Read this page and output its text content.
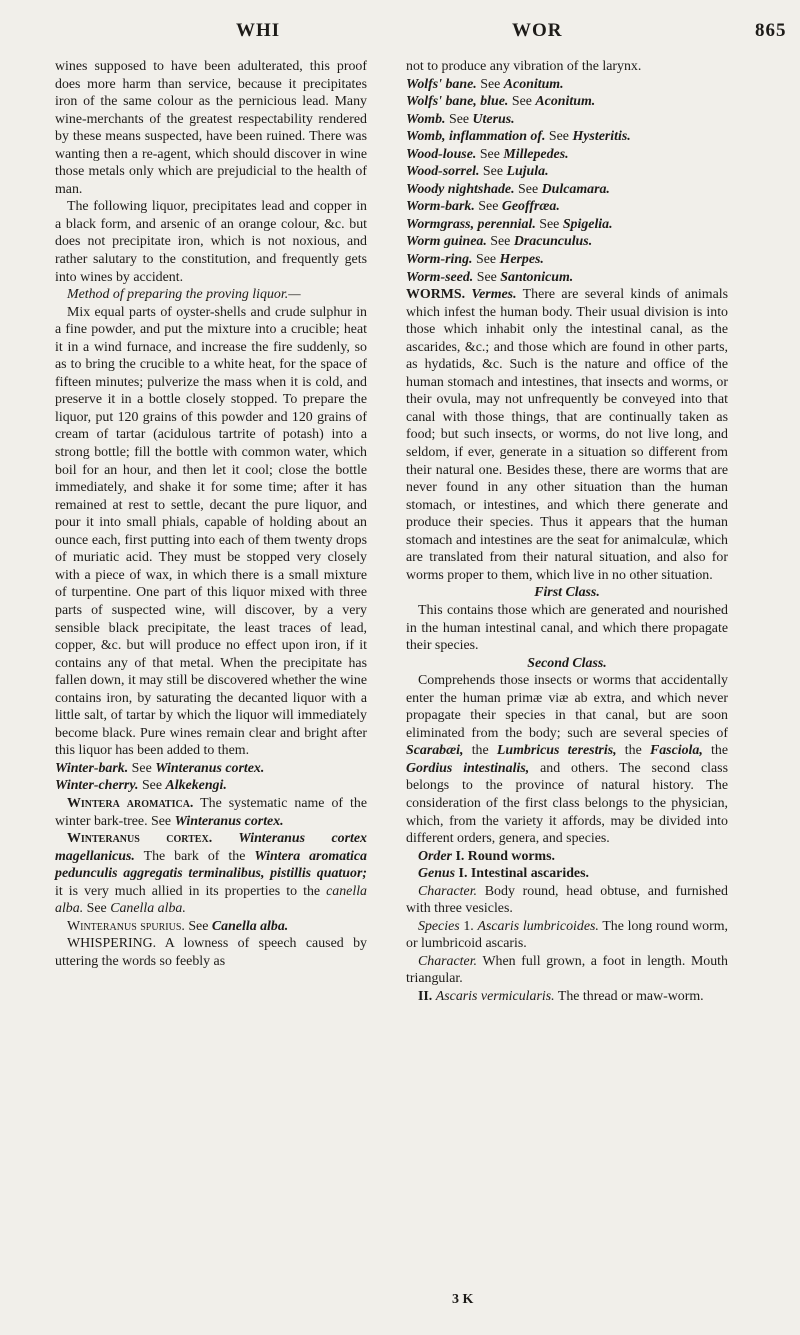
WHI	WOR	865

wines supposed to have been adulterated, this proof does more harm than service, because it precipitates iron of the same colour as the pernicious lead. Many wine-merchants of the greatest respectability rendered by these means suspected, have been ruined. There was wanting then a re-agent, which should discover in wine those metals only which are prejudicial to the health of man.

The following liquor, precipitates lead and copper in a black form, and arsenic of an orange colour, &c. but does not precipitate iron, which is not noxious, and rather salutary to the constitution, and frequently gets into wines by accident.

Method of preparing the proving liquor.—

Mix equal parts of oyster-shells and crude sulphur in a fine powder, and put the mixture into a crucible; heat it in a wind furnace, and increase the fire suddenly, so as to bring the crucible to a white heat, for the space of fifteen minutes; pulverize the mass when it is cold, and preserve it in a bottle closely stopped. To prepare the liquor, put 120 grains of this powder and 120 grains of cream of tartar (acidulous tartrite of potash) into a strong bottle; fill the bottle with common water, which boil for an hour, and then let it cool; close the bottle immediately, and shake it for some time; after it has remained at rest to settle, decant the pure liquor, and pour it into small phials, capable of holding about an ounce each, first putting into each of them twenty drops of muriatic acid. They must be stopped very closely with a piece of wax, in which there is a small mixture of turpentine. One part of this liquor mixed with three parts of suspected wine, will discover, by a very sensible black precipitate, the least traces of lead, copper, &c. but will produce no effect upon iron, if it contains any of that metal. When the precipitate has fallen down, it may still be discovered whether the wine contains iron, by saturating the decanted liquor with a little salt, of tartar by which the liquor will immediately become black. Pure wines remain clear and bright after this liquor has been added to them.

Winter-bark. See Winteranus cortex.

Winter-cherry. See Alkekengi.

Wintera aromatica. The systematic name of the winter bark-tree. See Winteranus cortex.

Winteranus cortex. Winteranus cortex magellanicus. The bark of the Wintera aromatica pedunculis aggregatis terminalibus, pistillis quatuor; it is very much allied in its properties to the canella alba. See Canella alba.

Winteranus spurius. See Canella alba.

WHISPERING. A lowness of speech caused by uttering the words so feebly as

not to produce any vibration of the larynx.

Wolfs' bane. See Aconitum.

Wolfs' bane, blue. See Aconitum.

Womb. See Uterus.

Womb, inflammation of. See Hysteritis.

Wood-louse. See Millepedes.

Wood-sorrel. See Lujula.

Woody nightshade. See Dulcamara.

Worm-bark. See Geoffræa.

Wormgrass, perennial. See Spigelia.

Worm guinea. See Dracunculus.

Worm-ring. See Herpes.

Worm-seed. See Santonicum.

WORMS. Vermes. There are several kinds of animals which infest the human body. Their usual division is into those which inhabit only the intestinal canal, as the ascarides, &c.; and those which are found in other parts, as hydatids, &c. Such is the nature and office of the human stomach and intestines, that insects and worms, or their ovula, may not unfrequently be conveyed into that canal with those things, that are continually taken as food; but such insects, or worms, do not live long, and seldom, if ever, generate in a situation so different from their natural one. Besides these, there are worms that are never found in any other situation than the human stomach, or intestines, and which there generate and produce their species. Thus it appears that the human stomach and intestines are the seat for animalculæ, which are translated from their natural situation, and also for worms proper to them, which live in no other situation.

First Class.

This contains those which are generated and nourished in the human intestinal canal, and which there propagate their species.

Second Class.

Comprehends those insects or worms that accidentally enter the human primæ viæ ab extra, and which never propagate their species in that canal, but are soon eliminated from the body; such are several species of Scarabæi, the Lumbricus terestris, the Fasciola, the Gordius intestinalis, and others. The second class belongs to the province of natural history. The consideration of the first class belongs to the physician, which, from the variety it affords, may be divided into different orders, genera, and species.

Order I. Round worms.

Genus I. Intestinal ascarides.

Character. Body round, head obtuse, and furnished with three vesicles.

Species 1. Ascaris lumbricoides. The long round worm, or lumbricoid ascaris.

Character. When full grown, a foot in length. Mouth triangular.

II. Ascaris vermicularis. The thread or maw-worm.

3 K
